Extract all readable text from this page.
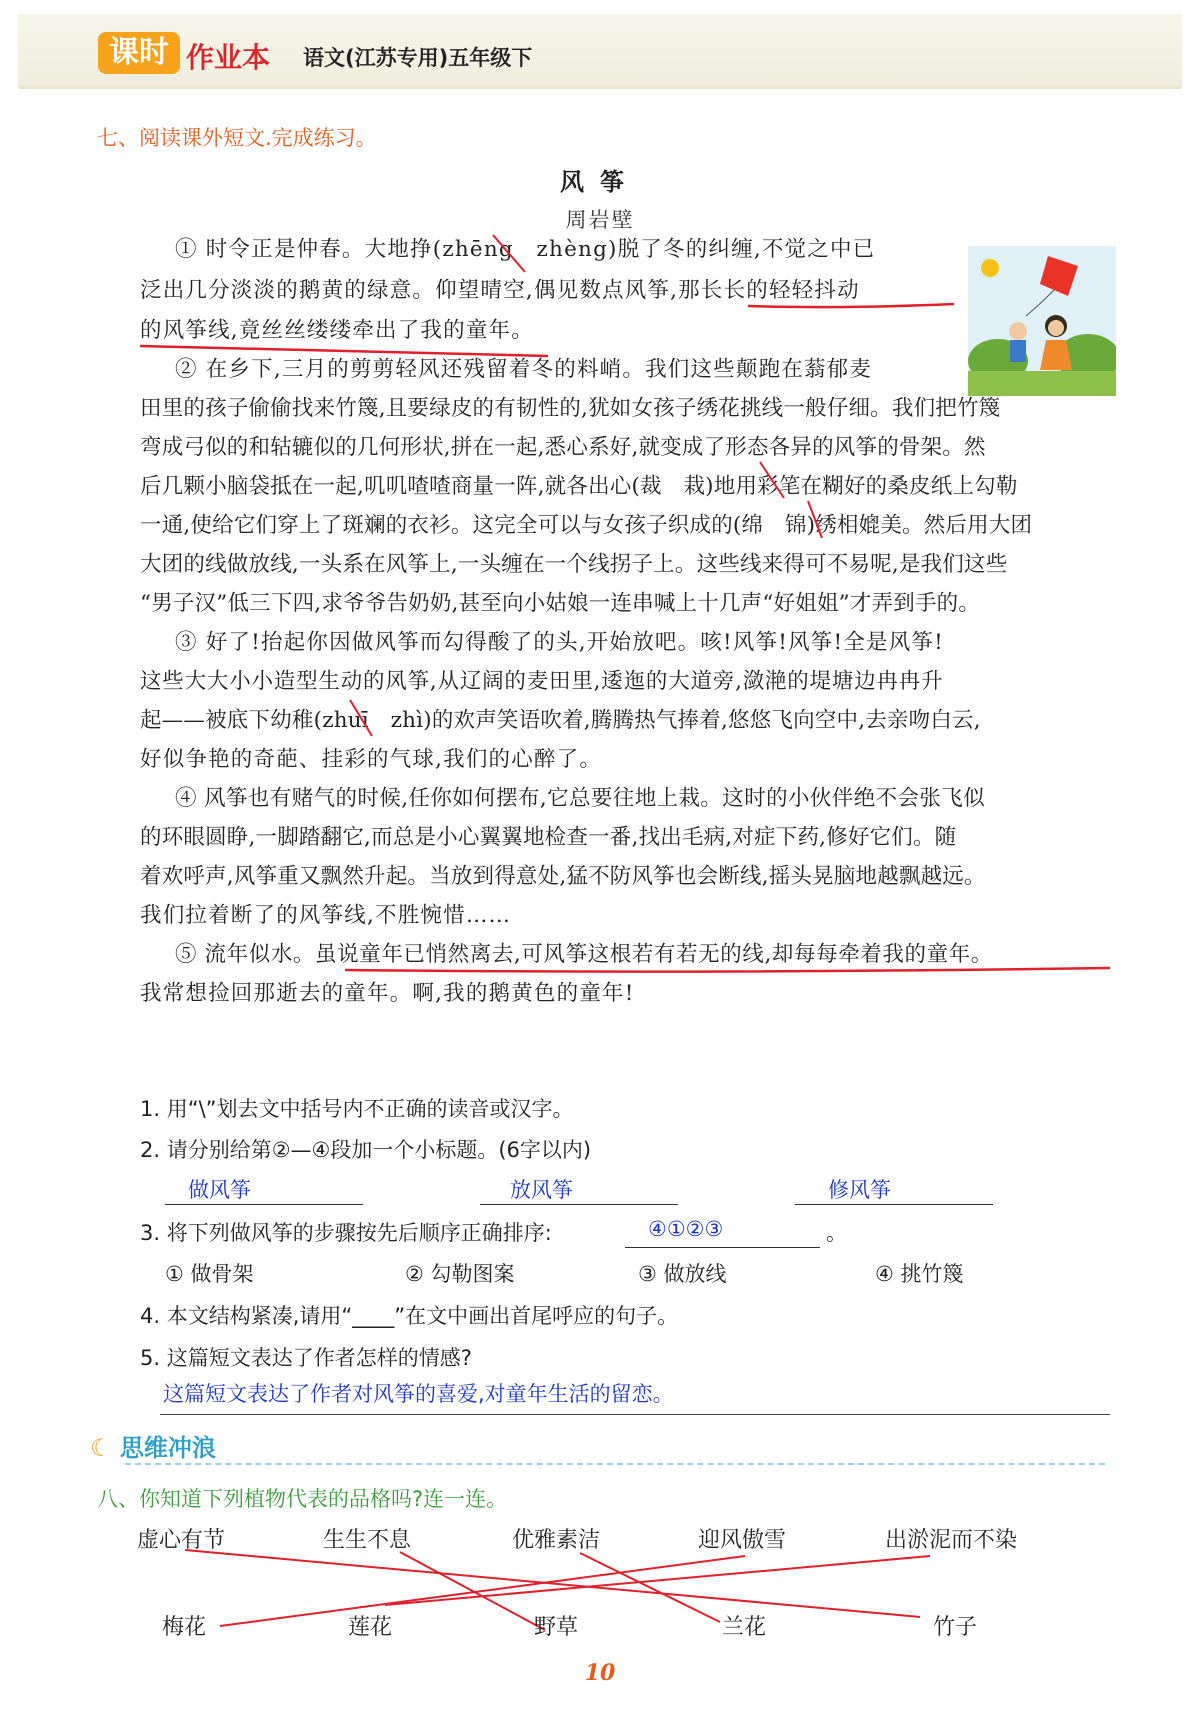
课时 作业本 语文(江苏专用)五年级下
七、阅读课外短文.完成练习。
风筝
周岩壁
① 时令正是仲春。大地挣(zhēng　zhèng)脱了冬的纠缠,不觉之中已
泛出几分淡淡的鹅黄的绿意。仰望晴空,偶见数点风筝,那长长的轻轻抖动
的风筝线,竟丝丝缕缕牵出了我的童年。
② 在乡下,三月的剪剪轻风还残留着冬的料峭。我们这些颠跑在蓊郁麦
田里的孩子偷偷找来竹篾,且要绿皮的有韧性的,犹如女孩子绣花挑线一般仔细。我们把竹篾
弯成弓似的和轱辘似的几何形状,拼在一起,悉心系好,就变成了形态各异的风筝的骨架。然
后几颗小脑袋抵在一起,叽叽喳喳商量一阵,就各出心(裁　栽)地用彩笔在糊好的桑皮纸上勾勒
一通,使给它们穿上了斑斓的衣衫。这完全可以与女孩子织成的(绵　锦)绣相媲美。然后用大团
大团的线做放线,一头系在风筝上,一头缠在一个线拐子上。这些线来得可不易呢,是我们这些
“男子汉”低三下四,求爷爷告奶奶,甚至向小姑娘一连串喊上十几声“好姐姐”才弄到手的。
③ 好了!抬起你因做风筝而勾得酸了的头,开始放吧。咳!风筝!风筝!全是风筝!
这些大大小小造型生动的风筝,从辽阔的麦田里,逶迤的大道旁,潋滟的堤塘边冉冉升
起——被底下幼稚(zhuī　zhì)的欢声笑语吹着,腾腾热气捧着,悠悠飞向空中,去亲吻白云,
好似争艳的奇葩、挂彩的气球,我们的心醉了。
④ 风筝也有赌气的时候,任你如何摆布,它总要往地上栽。这时的小伙伴绝不会张飞似
的环眼圆睁,一脚踏翻它,而总是小心翼翼地检查一番,找出毛病,对症下药,修好它们。随
着欢呼声,风筝重又飘然升起。当放到得意处,猛不防风筝也会断线,摇头晃脑地越飘越远。
我们拉着断了的风筝线,不胜惋惜……
⑤ 流年似水。虽说童年已悄然离去,可风筝这根若有若无的线,却每每牵着我的童年。
我常想捡回那逝去的童年。啊,我的鹅黄色的童年!
1. 用“\”划去文中括号内不正确的读音或汉字。
2. 请分别给第②—④段加一个小标题。(6字以内)
做风筝	放风筝	修风筝
3. 将下列做风筝的步骤按先后顺序正确排序:	④①②③	。
① 做骨架	② 勾勒图案	③ 做放线	④ 挑竹篾
4. 本文结构紧凑,请用“____”在文中画出首尾呼应的句子。
5. 这篇短文表达了作者怎样的情感?
这篇短文表达了作者对风筝的喜爱,对童年生活的留恋。
☾ 思维冲浪
八、你知道下列植物代表的品格吗?连一连。
虚心有节	生生不息	优雅素洁	迎风傲雪	出淤泥而不染
梅花	莲花	野草	兰花	竹子
10
